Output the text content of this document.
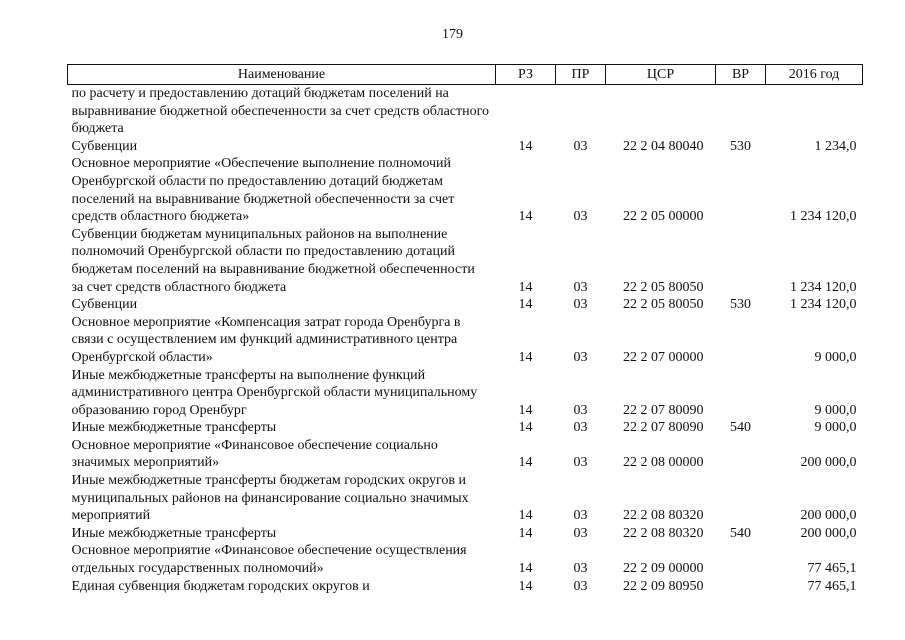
179
Наименование	РЗ	ПР	ЦСР	ВР	2016 год
по расчету и предоставлению дотаций бюджетам поселений на выравнивание бюджетной обеспеченности за счет средств областного бюджета					
Субвенции	14	03	22 2 04 80040	530	1 234,0
Основное мероприятие «Обеспечение выполнение полномочий Оренбургской области по предоставлению дотаций бюджетам поселений на выравнивание бюджетной обеспеченности за счет средств областного бюджета»	14	03	22 2 05 00000		1 234 120,0
Субвенции бюджетам муниципальных районов на выполнение полномочий Оренбургской области по предоставлению дотаций бюджетам поселений на выравнивание бюджетной обеспеченности за счет средств областного бюджета	14	03	22 2 05 80050		1 234 120,0
Субвенции	14	03	22 2 05 80050	530	1 234 120,0
Основное мероприятие «Компенсация затрат города Оренбурга в связи с осуществлением им функций административного центра Оренбургской области»	14	03	22 2 07 00000		9 000,0
Иные межбюджетные трансферты на выполнение функций административного центра Оренбургской области муниципальному образованию город Оренбург	14	03	22 2 07 80090		9 000,0
Иные межбюджетные трансферты	14	03	22 2 07 80090	540	9 000,0
Основное мероприятие «Финансовое обеспечение социально значимых мероприятий»	14	03	22 2 08 00000		200 000,0
Иные межбюджетные трансферты бюджетам городских округов и муниципальных районов на финансирование социально значимых мероприятий	14	03	22 2 08 80320		200 000,0
Иные межбюджетные трансферты	14	03	22 2 08 80320	540	200 000,0
Основное мероприятие «Финансовое обеспечение осуществления отдельных государственных полномочий»	14	03	22 2 09 00000		77 465,1
Единая субвенция бюджетам городских округов и	14	03	22 2 09 80950		77 465,1
